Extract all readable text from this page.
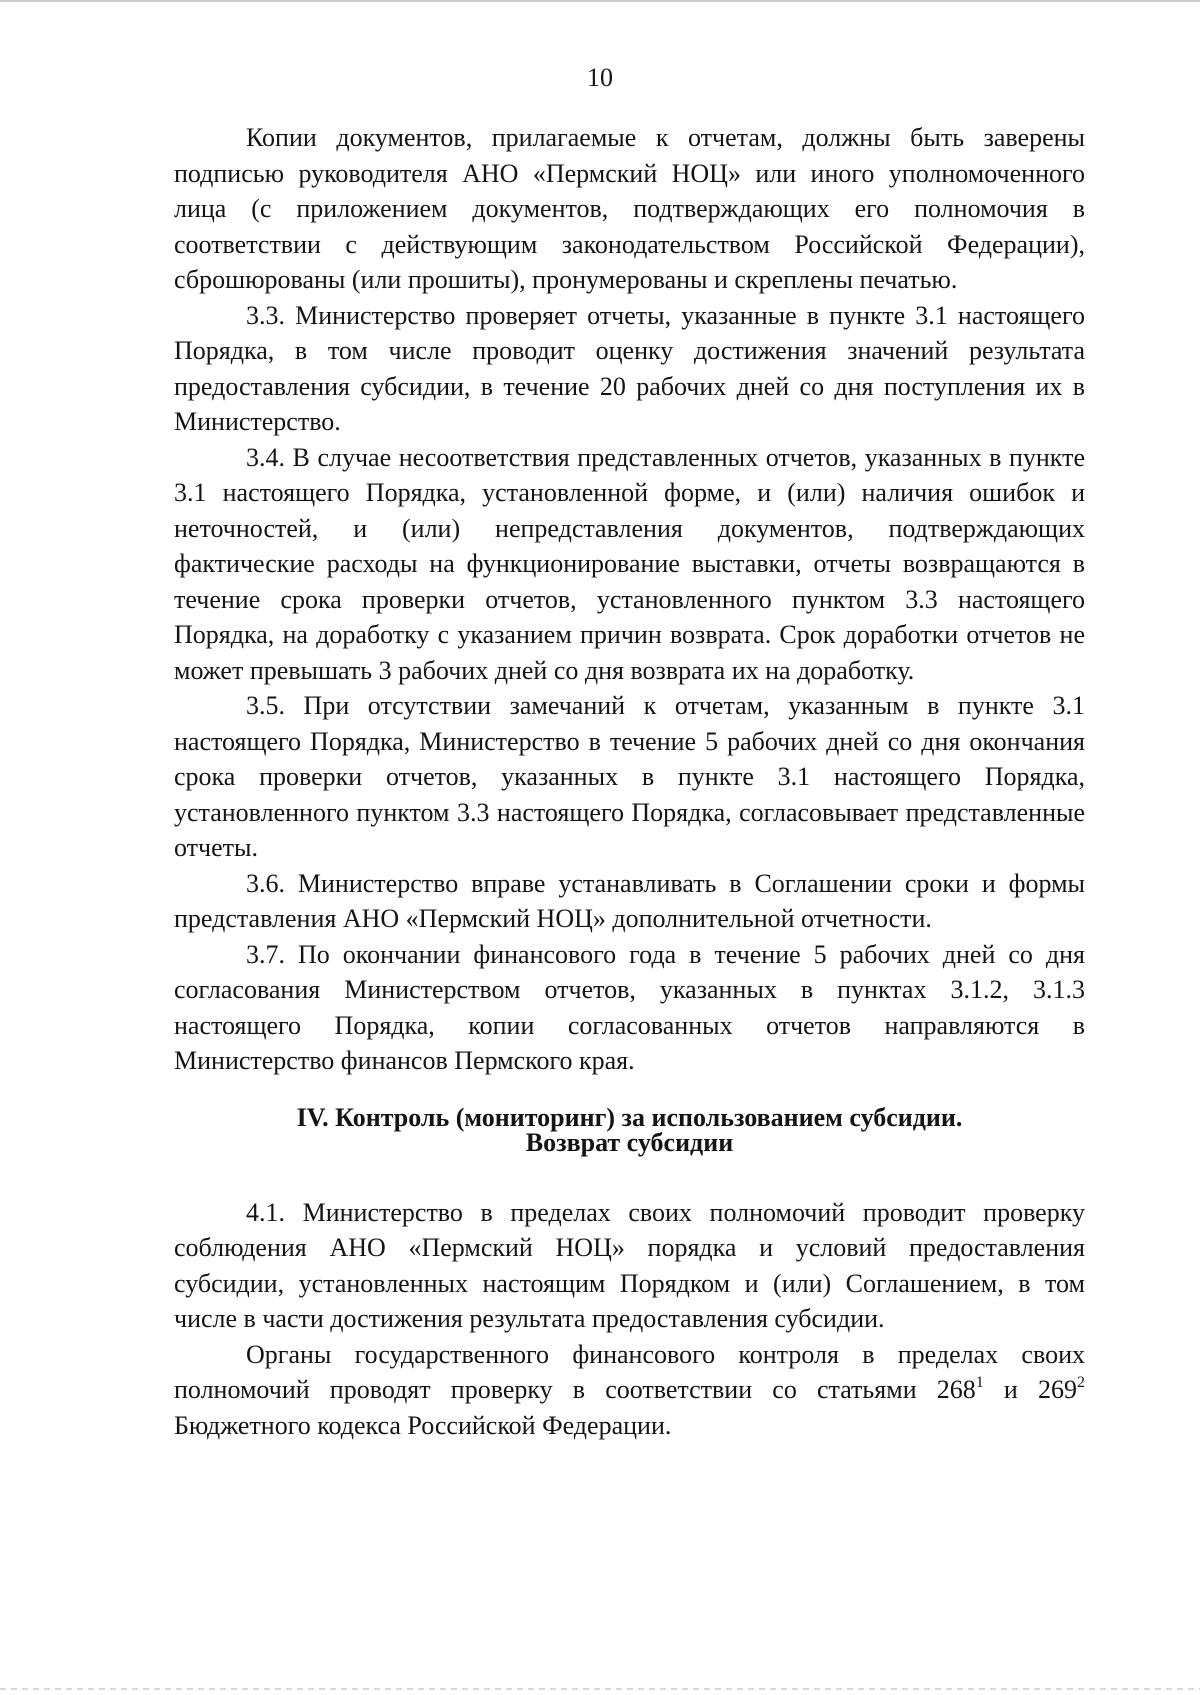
10

Копии документов, прилагаемые к отчетам, должны быть заверены подписью руководителя АНО «Пермский НОЦ» или иного уполномоченного лица (с приложением документов, подтверждающих его полномочия в соответствии с действующим законодательством Российской Федерации), сброшюрованы (или прошиты), пронумерованы и скреплены печатью.

3.3. Министерство проверяет отчеты, указанные в пункте 3.1 настоящего Порядка, в том числе проводит оценку достижения значений результата предоставления субсидии, в течение 20 рабочих дней со дня поступления их в Министерство.

3.4. В случае несоответствия представленных отчетов, указанных в пункте 3.1 настоящего Порядка, установленной форме, и (или) наличия ошибок и неточностей, и (или) непредставления документов, подтверждающих фактические расходы на функционирование выставки, отчеты возвращаются в течение срока проверки отчетов, установленного пунктом 3.3 настоящего Порядка, на доработку с указанием причин возврата. Срок доработки отчетов не может превышать 3 рабочих дней со дня возврата их на доработку.

3.5. При отсутствии замечаний к отчетам, указанным в пункте 3.1 настоящего Порядка, Министерство в течение 5 рабочих дней со дня окончания срока проверки отчетов, указанных в пункте 3.1 настоящего Порядка, установленного пунктом 3.3 настоящего Порядка, согласовывает представленные отчеты.

3.6. Министерство вправе устанавливать в Соглашении сроки и формы представления АНО «Пермский НОЦ» дополнительной отчетности.

3.7. По окончании финансового года в течение 5 рабочих дней со дня согласования Министерством отчетов, указанных в пунктах 3.1.2, 3.1.3 настоящего Порядка, копии согласованных отчетов направляются в Министерство финансов Пермского края.

IV. Контроль (мониторинг) за использованием субсидии.
Возврат субсидии

4.1. Министерство в пределах своих полномочий проводит проверку соблюдения АНО «Пермский НОЦ» порядка и условий предоставления субсидии, установленных настоящим Порядком и (или) Соглашением, в том числе в части достижения результата предоставления субсидии.

Органы государственного финансового контроля в пределах своих полномочий проводят проверку в соответствии со статьями $268^1$ и $269^2$ Бюджетного кодекса Российской Федерации.
